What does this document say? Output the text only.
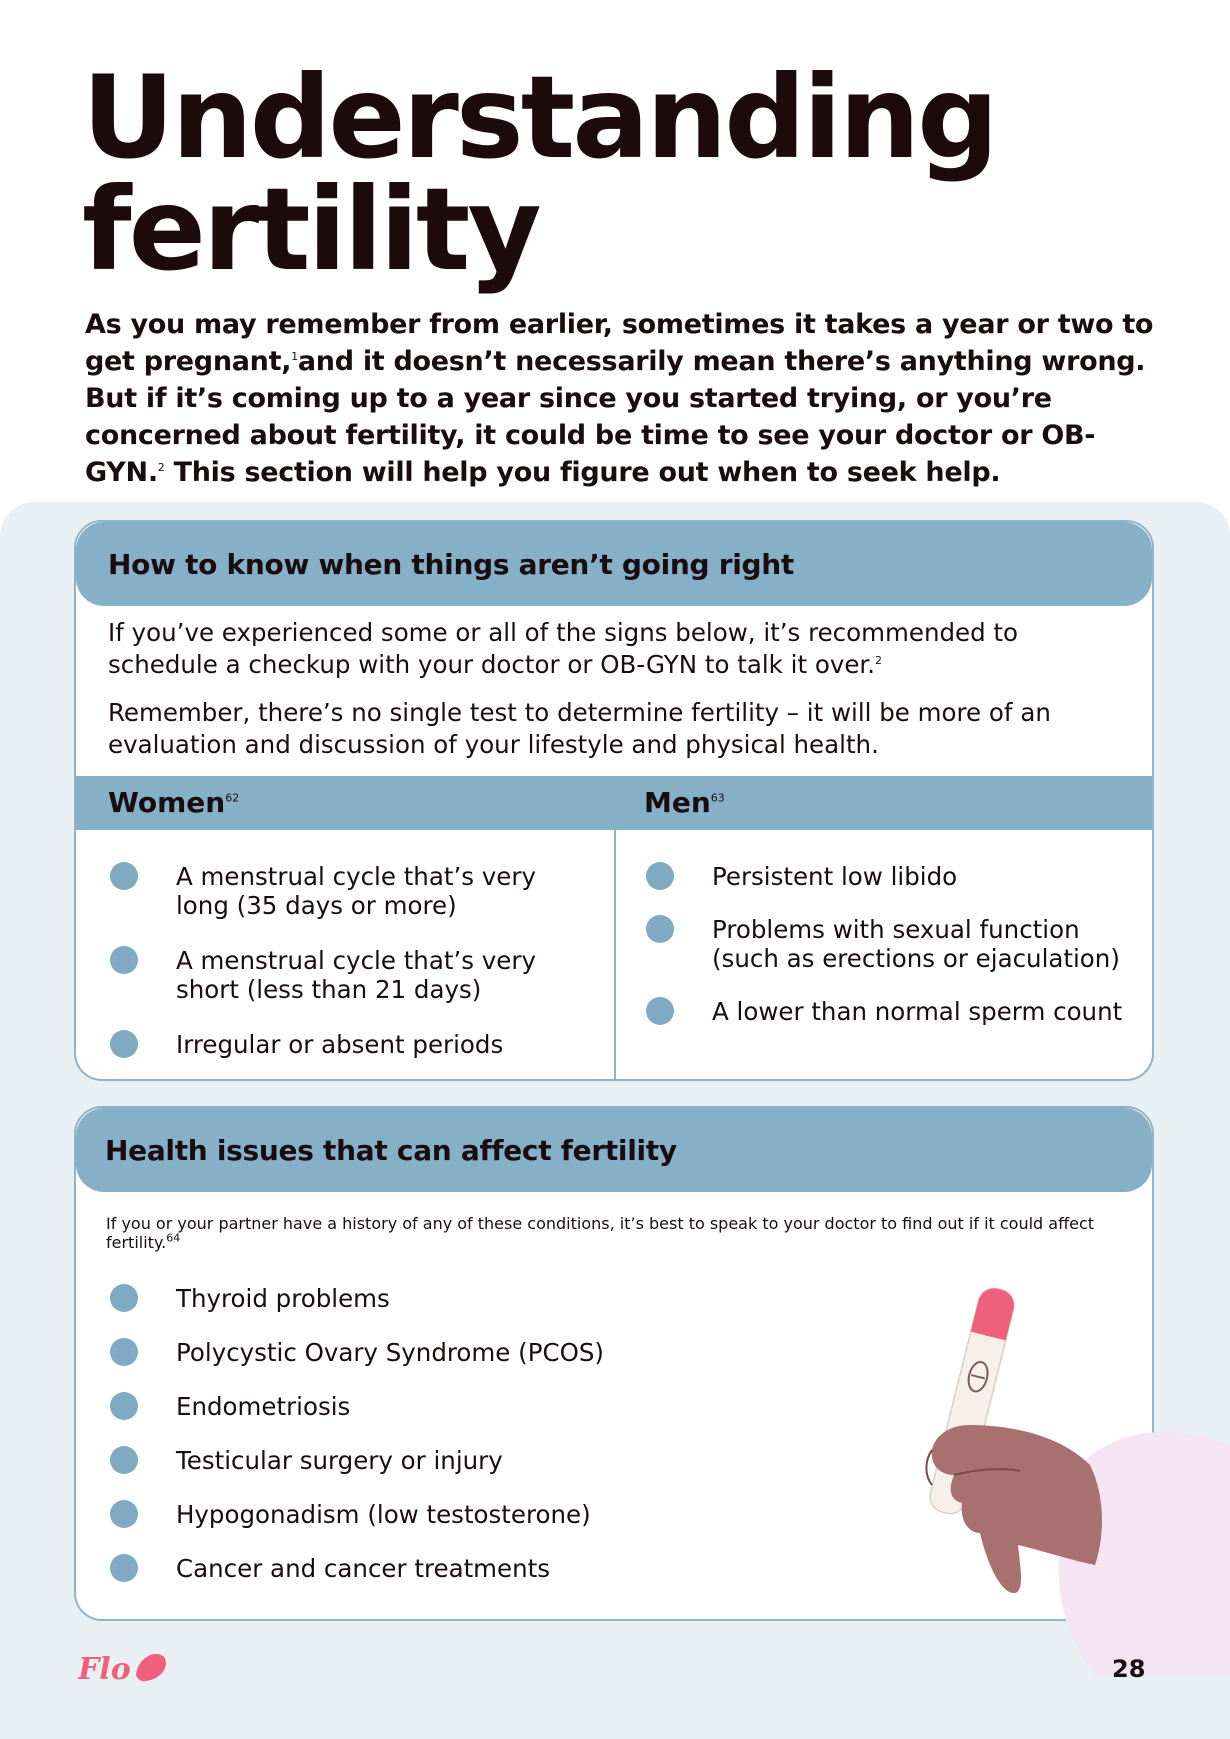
Understanding
fertility

As you may remember from earlier, sometimes it takes a year or two to get pregnant,$^1$and it doesn’t necessarily mean there’s anything wrong. But if it’s coming up to a year since you started trying, or you’re concerned about fertility, it could be time to see your doctor or OB-GYN.$^2$ This section will help you figure out when to seek help.

How to know when things aren’t going right

If you’ve experienced some or all of the signs below, it’s recommended to schedule a checkup with your doctor or OB-GYN to talk it over.$^2$

Remember, there’s no single test to determine fertility – it will be more of an evaluation and discussion of your lifestyle and physical health.

Women$^{62}$	Men$^{63}$
A menstrual cycle that’s very long (35 days or more)
A menstrual cycle that’s very short (less than 21 days)
Irregular or absent periods
Persistent low libido
Problems with sexual function (such as erections or ejaculation)
A lower than normal sperm count
Health issues that can affect fertility

If you or your partner have a history of any of these conditions, it’s best to speak to your doctor to find out if it could affect fertility.$^{64}$

Thyroid problems
Polycystic Ovary Syndrome (PCOS)
Endometriosis
Testicular surgery or injury
Hypogonadism (low testosterone)
Cancer and cancer treatments
Flo	28
